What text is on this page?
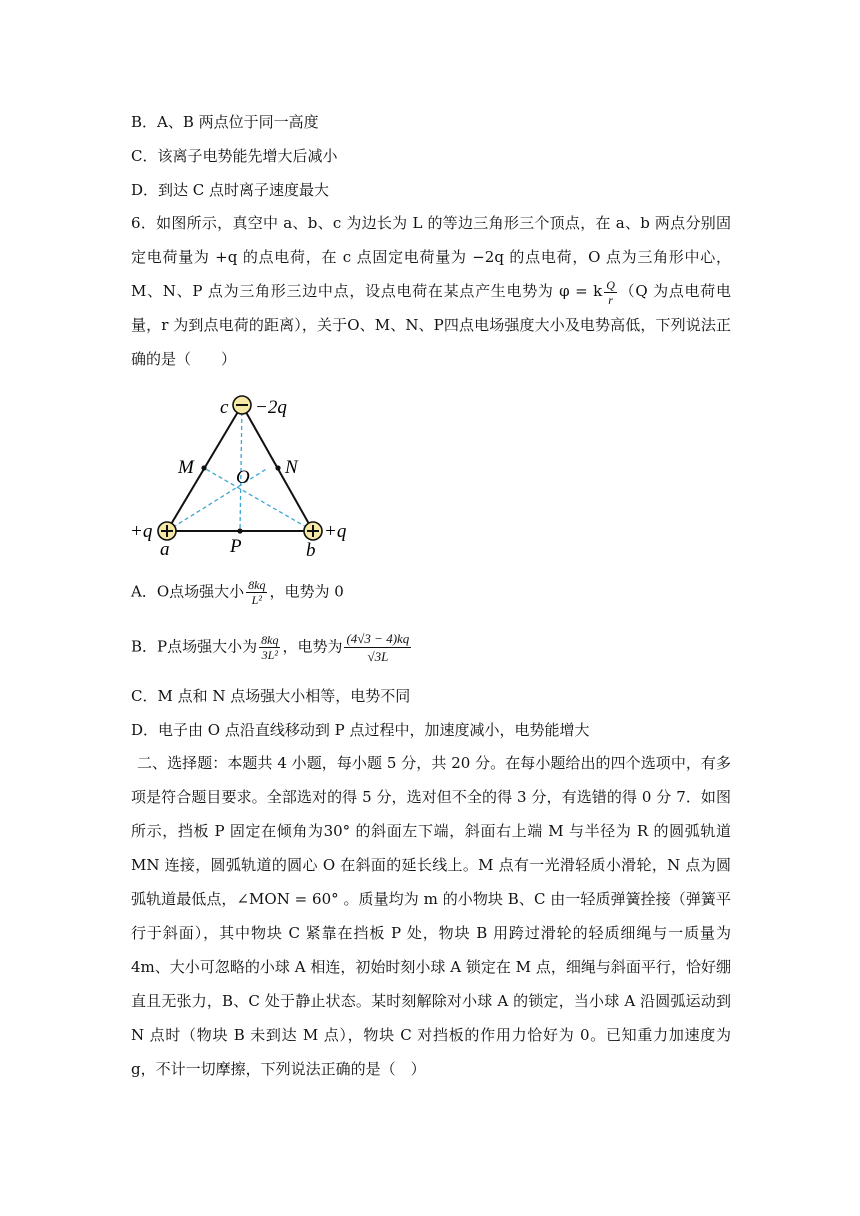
B．A、B 两点位于同一高度
C．该离子电势能先增大后减小
D．到达 C 点时离子速度最大
6．如图所示，真空中 a、b、c 为边长为 L 的等边三角形三个顶点，在 a、b 两点分别固定电荷量为 +q 的点电荷，在 c 点固定电荷量为 −2q 的点电荷，O 点为三角形中心，M、N、P 点为三角形三边中点，设点电荷在某点产生电势为 φ = k $\frac{Q}{r} (Q$ 为点电荷电量，r 为到点电荷的距离），关于O、M、N、P四点电场强度大小及电势高低，下列说法正确的是（　　）
c −2q
M	N
O
+q
a	P
+q
b
A．O点场强大小 $\frac{8kq}{\text{L²}}$ ，电势为 0
B．P点场强大小为 $\frac{8kq}{\text{3L²}}$ ，电势为 $\frac{(4√3 - 4)kq}{√3L}$
C．M 点和 N 点场强大小相等，电势不同
D．电子由 O 点沿直线移动到 P 点过程中，加速度减小，电势能增大
二、选择题：本题共 4 小题，每小题 5 分，共 20 分。在每小题给出的四个选项中，有多项是符合题目要求。全部选对的得 5 分，选对但不全的得 3 分，有选错的得 0 分 7．如图所示，挡板 P 固定在倾角为30° 的斜面左下端，斜面右上端 M 与半径为 R 的圆弧轨道 MN 连接，圆弧轨道的圆心 O 在斜面的延长线上。M 点有一光滑轻质小滑轮，N 点为圆弧轨道最低点，∠MON = 60° 。质量均为 m 的小物块 B、C 由一轻质弹簧拴接（弹簧平行于斜面），其中物块 C 紧靠在挡板 P 处，物块 B 用跨过滑轮的轻质细绳与一质量为 4m、大小可忽略的小球 A 相连，初始时刻小球 A 锁定在 M 点，细绳与斜面平行，恰好绷直且无张力，B、C 处于静止状态。某时刻解除对小球 A 的锁定，当小球 A 沿圆弧运动到 N 点时（物块 B 未到达 M 点），物块 C 对挡板的作用力恰好为 0。已知重力加速度为 g，不计一切摩擦，下列说法正确的是（　）
